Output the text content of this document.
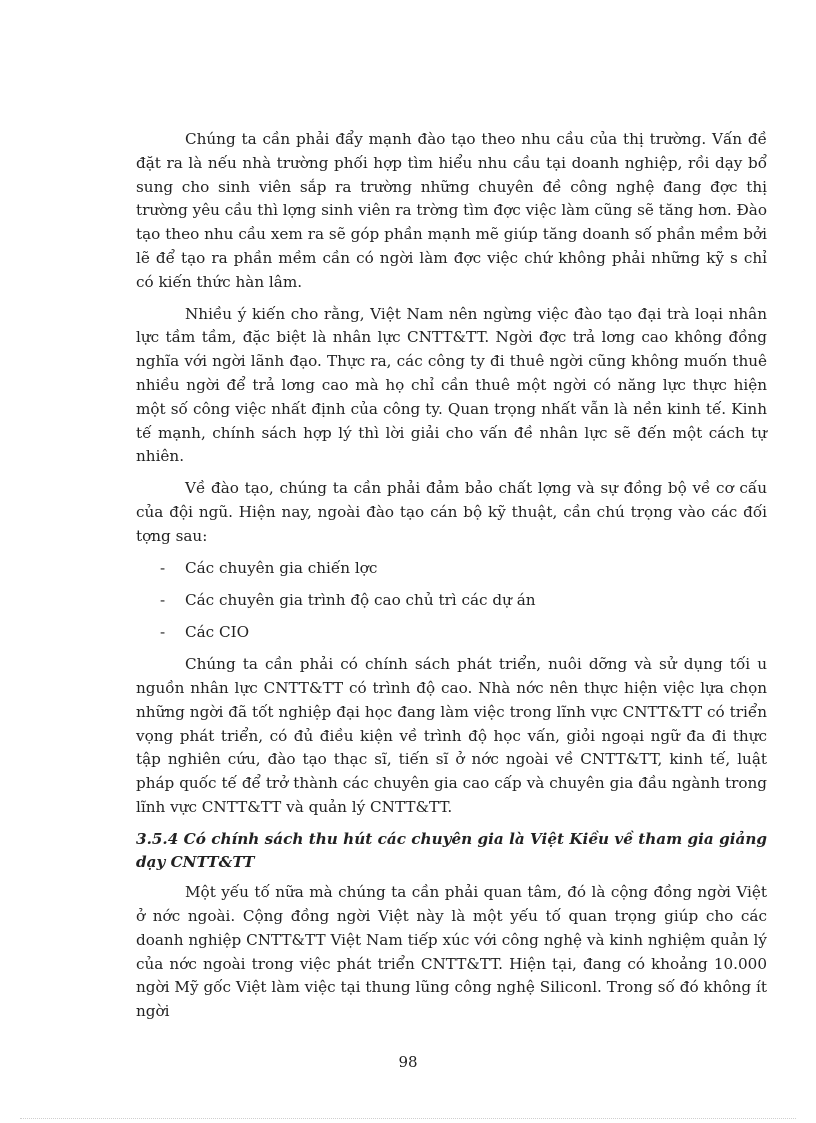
Chúng ta cần phải đẩy mạnh đào tạo theo nhu cầu của thị trường. Vấn đề đặt ra là nếu nhà trường phối hợp tìm hiểu nhu cầu tại doanh nghiệp, rồi dạy bổ sung cho sinh viên sắp ra trường những chuyên đề công nghệ đang đợc thị trường yêu cầu thì lợng sinh viên ra trờng tìm đợc việc làm cũng sẽ tăng hơn. Đào tạo theo nhu cầu xem ra sẽ góp phần mạnh mẽ giúp tăng doanh số phần mềm bởi lẽ để tạo ra phần mềm cần có ngời làm đợc việc chứ không phải những kỹ s chỉ có kiến thức hàn lâm.

Nhiều ý kiến cho rằng, Việt Nam nên ngừng việc đào tạo đại trà loại nhân lực tầm tầm, đặc biệt là nhân lực CNTT&TT. Ngời đợc trả lơng cao không đồng nghĩa với ngời lãnh đạo. Thực ra, các công ty đi thuê ngời cũng không muốn thuê nhiều ngời để trả lơng cao mà họ chỉ cần thuê một ngời có năng lực thực hiện một số công việc nhất định của công ty. Quan trọng nhất vẫn là nền kinh tế. Kinh tế mạnh, chính sách hợp lý thì lời giải cho vấn đề nhân lực sẽ đến một cách tự nhiên.

Về đào tạo, chúng ta cần phải đảm bảo chất lợng và sự đồng bộ về cơ cấu của đội ngũ. Hiện nay, ngoài đào tạo cán bộ kỹ thuật, cần chú trọng vào các đối tợng sau:

- Các chuyên gia chiến lợc
- Các chuyên gia trình độ cao chủ trì các dự án
- Các CIO

Chúng ta cần phải có chính sách phát triển, nuôi dỡng và sử dụng tối u nguồn nhân lực CNTT&TT có trình độ cao. Nhà nớc nên thực hiện việc lựa chọn những ngời đã tốt nghiệp đại học đang làm việc trong lĩnh vực CNTT&TT có triển vọng phát triển, có đủ điều kiện về trình độ học vấn, giỏi ngoại ngữ đa đi thực tập nghiên cứu, đào tạo thạc sĩ, tiến sĩ ở nớc ngoài về CNTT&TT, kinh tế, luật pháp quốc tế để trở thành các chuyên gia cao cấp và chuyên gia đầu ngành trong lĩnh vực CNTT&TT và quản lý CNTT&TT.

3.5.4 Có chính sách thu hút các chuyên gia là Việt Kiều về tham gia giảng dạy CNTT&TT

Một yếu tố nữa mà chúng ta cần phải quan tâm, đó là cộng đồng ngời Việt ở nớc ngoài. Cộng đồng ngời Việt này là một yếu tố quan trọng giúp cho các doanh nghiệp CNTT&TT Việt Nam tiếp xúc với công nghệ và kinh nghiệm quản lý của nớc ngoài trong việc phát triển CNTT&TT. Hiện tại, đang có khoảng 10.000 ngời Mỹ gốc Việt làm việc tại thung lũng công nghệ Siliconl. Trong số đó không ít ngời

98
